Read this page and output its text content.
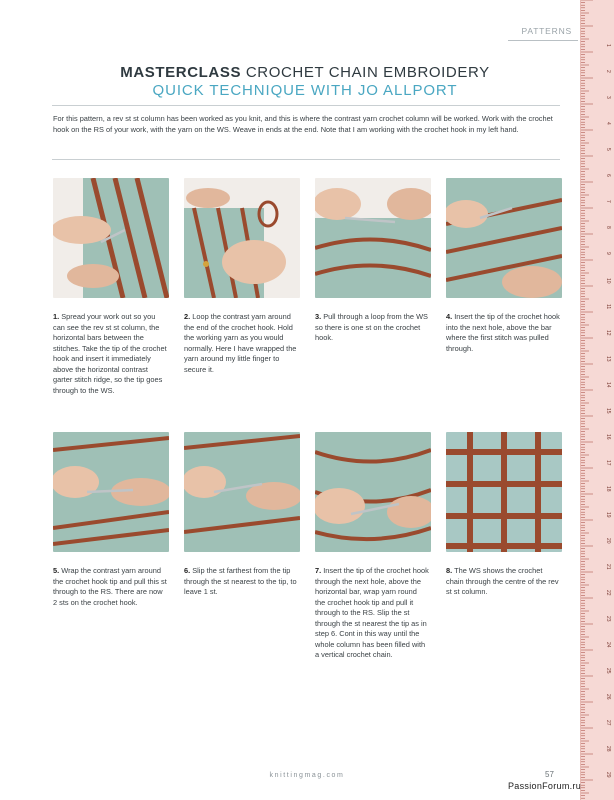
PATTERNS
MASTERCLASS CROCHET CHAIN EMBROIDERY
QUICK TECHNIQUE WITH JO ALLPORT

For this pattern, a rev st st column has been worked as you knit, and this is where the contrast yarn crochet column will be worked. Work with the crochet hook on the RS of your work, with the yarn on the WS. Weave in ends at the end. Note that I am working with the crochet hook in my left hand.

1. Spread your work out so you can see the rev st st column, the horizontal bars between the stitches. Take the tip of the crochet hook and insert it immediately above the horizontal contrast garter stitch ridge, so the tip goes through to the WS.

2. Loop the contrast yarn around the end of the crochet hook. Hold the working yarn as you would normally. Here I have wrapped the yarn around my little finger to secure it.

3. Pull through a loop from the WS so there is one st on the crochet hook.

4. Insert the tip of the crochet hook into the next hole, above the bar where the first stitch was pulled through.

5. Wrap the contrast yarn around the crochet hook tip and pull this st through to the RS. There are now 2 sts on the crochet hook.

6. Slip the st farthest from the tip through the st nearest to the tip, to leave 1 st.

7. Insert the tip of the crochet hook through the next hole, above the horizontal bar, wrap yarn round the crochet hook tip and pull it through to the RS. Slip the st through the st nearest the tip as in step 6. Cont in this way until the whole column has been filled with a vertical crochet chain.

8. The WS shows the crochet chain through the centre of the rev st st column.

knittingmag.com	57
1
2
3
4
5
6
7
8
9
10
11
12
13
14
15
16
17
18
19
20
21
22
23
24
25
26
27
28
29
PassionForum.ru
